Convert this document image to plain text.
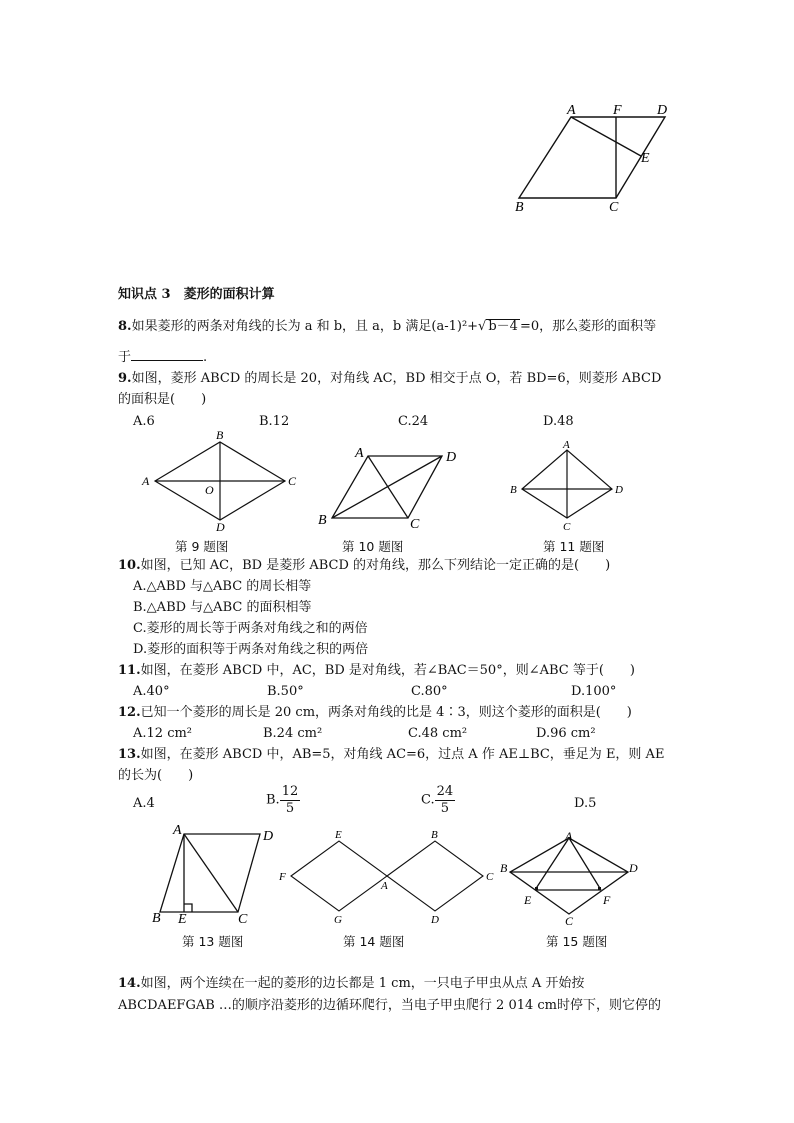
A	F	D
E
B	C
知识点 3　菱形的面积计算
8.如果菱形的两条对角线的长为 a 和 b，且 a，b 满足(a-1)²+√ b－4 =0，那么菱形的面积等
于	.
9.如图，菱形 ABCD 的周长是 20，对角线 AC，BD 相交于点 O，若 BD=6，则菱形 ABCD
的面积是(　　)
A.6	B.12	C.24	D.48
A
B
C
D
O
第 9 题图
A
B	C
D
第 10 题图
A
B
C
D
第 11 题图
10.如图，已知 AC，BD 是菱形 ABCD 的对角线，那么下列结论一定正确的是(　　)
A.△ABD 与△ABC 的周长相等
B.△ABD 与△ABC 的面积相等
C.菱形的周长等于两条对角线之和的两倍
D.菱形的面积等于两条对角线之积的两倍
11.如图，在菱形 ABCD 中，AC，BD 是对角线，若∠BAC＝50°，则∠ABC 等于(　　)
A.40°	B.50°	C.80°	D.100°
12.已知一个菱形的周长是 20 cm，两条对角线的比是 4∶3，则这个菱形的面积是(　　)
A.12 cm²	B.24 cm²	C.48 cm²	D.96 cm²
13.如图，在菱形 ABCD 中，AB=5，对角线 AC=6，过点 A 作 AE⊥BC，垂足为 E，则 AE
的长为(　　)
A.4	B. $\frac{12}{5}$	C. $\frac{24}{5}$	D.5
A	D
B E	C
第 13 题图
E	B
F
A
C
G	D
第 14 题图
A
B	D
E	F
C
第 15 题图
14.如图，两个连续在一起的菱形的边长都是 1 cm，一只电子甲虫从点 A 开始按
ABCDAEFGAB …的顺序沿菱形的边循环爬行，当电子甲虫爬行 2 014 cm时停下，则它停的
